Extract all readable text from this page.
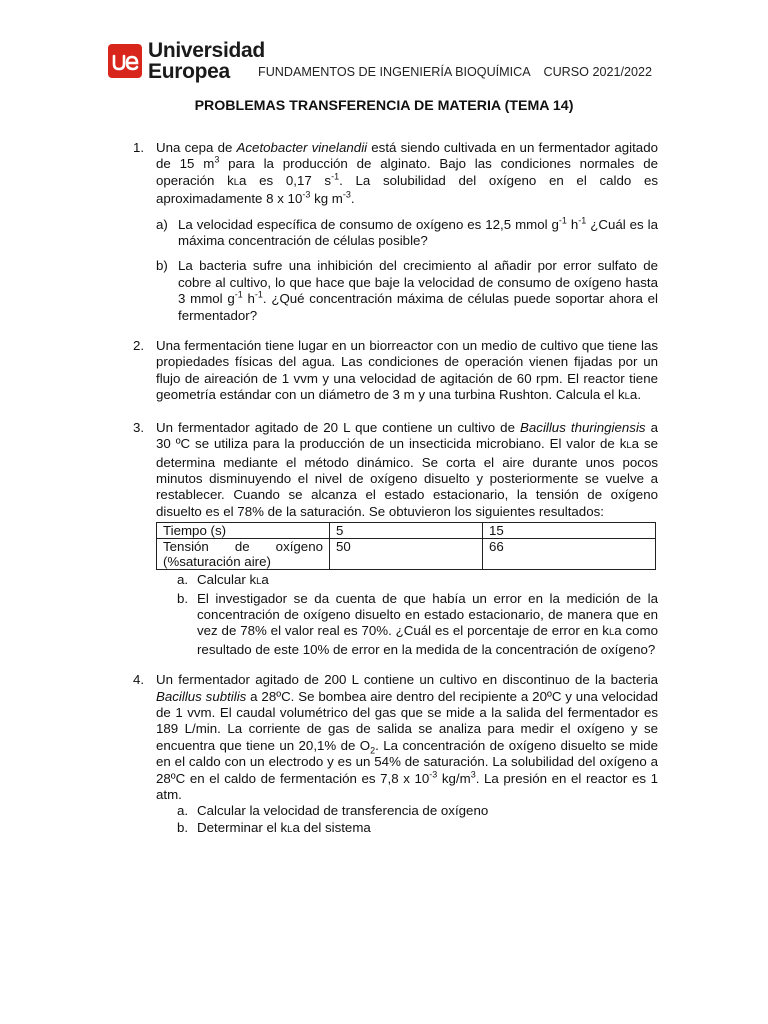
Universidad
Europea	FUNDAMENTOS DE INGENIERÍA BIOQUÍMICA CURSO 2021/2022
PROBLEMAS TRANSFERENCIA DE MATERIA (TEMA 14)
1. Una cepa de Acetobacter vinelandii está siendo cultivada en un fermentador agitado de 15 $m^3$ para la producción de alginato. Bajo las condiciones normales de operación kLa es 0,17 $s^{-1}$. La solubilidad del oxígeno en el caldo es aproximadamente 8 x $10^{-3}$ kg $m^{-3}$.
a) La velocidad específica de consumo de oxígeno es 12,5 mmol $g^{-1}$ $h^{-1}$ ¿Cuál es la máxima concentración de células posible?
b) La bacteria sufre una inhibición del crecimiento al añadir por error sulfato de cobre al cultivo, lo que hace que baje la velocidad de consumo de oxígeno hasta 3 mmol $g^{-1}$ $h^{-1}$. ¿Qué concentración máxima de células puede soportar ahora el fermentador?
2. Una fermentación tiene lugar en un biorreactor con un medio de cultivo que tiene las propiedades físicas del agua. Las condiciones de operación vienen fijadas por un flujo de aireación de 1 vvm y una velocidad de agitación de 60 rpm. El reactor tiene geometría estándar con un diámetro de 3 m y una turbina Rushton. Calcula el kLa.
3. Un fermentador agitado de 20 L que contiene un cultivo de Bacillus thuringiensis a 30 ºC se utiliza para la producción de un insecticida microbiano. El valor de kLa se determina mediante el método dinámico. Se corta el aire durante unos pocos minutos disminuyendo el nivel de oxígeno disuelto y posteriormente se vuelve a restablecer. Cuando se alcanza el estado estacionario, la tensión de oxígeno disuelto es el 78% de la saturación. Se obtuvieron los siguientes resultados:
Tiempo (s)	5	15

Tensión de oxígeno
(%saturación aire)	50	66
a. Calcular kLa
b. El investigador se da cuenta de que había un error en la medición de la concentración de oxígeno disuelto en estado estacionario, de manera que en vez de 78% el valor real es 70%. ¿Cuál es el porcentaje de error en kLa como resultado de este 10% de error en la medida de la concentración de oxígeno?
4. Un fermentador agitado de 200 L contiene un cultivo en discontinuo de la bacteria Bacillus subtilis a 28ºC. Se bombea aire dentro del recipiente a 20ºC y una velocidad de 1 vvm. El caudal volumétrico del gas que se mide a la salida del fermentador es 189 L/min. La corriente de gas de salida se analiza para medir el oxígeno y se encuentra que tiene un 20,1% de $O_2$. La concentración de oxígeno disuelto se mide en el caldo con un electrodo y es un 54% de saturación. La solubilidad del oxígeno a 28ºC en el caldo de fermentación es 7,8 x $10^{-3}$ $kg/m^3$. La presión en el reactor es 1 atm.
a. Calcular la velocidad de transferencia de oxígeno
b. Determinar el kLa del sistema
